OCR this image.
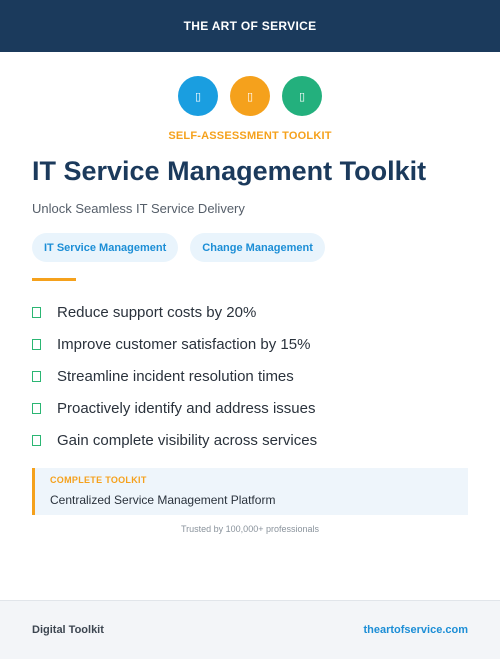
THE ART OF SERVICE
▯	▯	▯
SELF-ASSESSMENT TOOLKIT
IT Service Management Toolkit
Unlock Seamless IT Service Delivery
IT Service Management	Change Management
Reduce support costs by 20%
Improve customer satisfaction by 15%
Streamline incident resolution times
Proactively identify and address issues
Gain complete visibility across services
COMPLETE TOOLKIT
Centralized Service Management Platform
Trusted by 100,000+ professionals
Digital Toolkit	theartofservice.com
